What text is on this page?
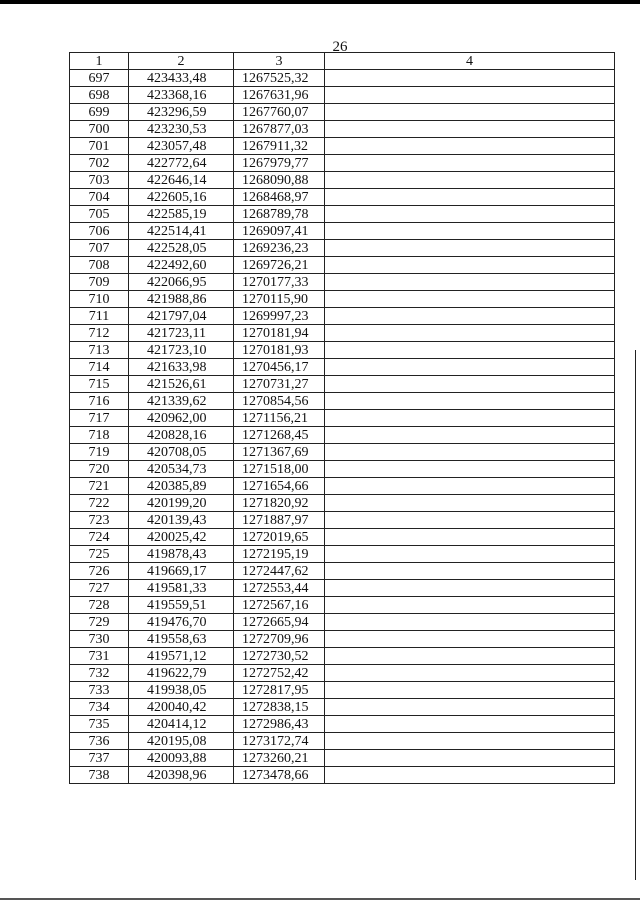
26
1	2	3	4
697	423433,48	1267525,32	
698	423368,16	1267631,96	
699	423296,59	1267760,07	
700	423230,53	1267877,03	
701	423057,48	1267911,32	
702	422772,64	1267979,77	
703	422646,14	1268090,88	
704	422605,16	1268468,97	
705	422585,19	1268789,78	
706	422514,41	1269097,41	
707	422528,05	1269236,23	
708	422492,60	1269726,21	
709	422066,95	1270177,33	
710	421988,86	1270115,90	
711	421797,04	1269997,23	
712	421723,11	1270181,94	
713	421723,10	1270181,93	
714	421633,98	1270456,17	
715	421526,61	1270731,27	
716	421339,62	1270854,56	
717	420962,00	1271156,21	
718	420828,16	1271268,45	
719	420708,05	1271367,69	
720	420534,73	1271518,00	
721	420385,89	1271654,66	
722	420199,20	1271820,92	
723	420139,43	1271887,97	
724	420025,42	1272019,65	
725	419878,43	1272195,19	
726	419669,17	1272447,62	
727	419581,33	1272553,44	
728	419559,51	1272567,16	
729	419476,70	1272665,94	
730	419558,63	1272709,96	
731	419571,12	1272730,52	
732	419622,79	1272752,42	
733	419938,05	1272817,95	
734	420040,42	1272838,15	
735	420414,12	1272986,43	
736	420195,08	1273172,74	
737	420093,88	1273260,21	
738	420398,96	1273478,66	
